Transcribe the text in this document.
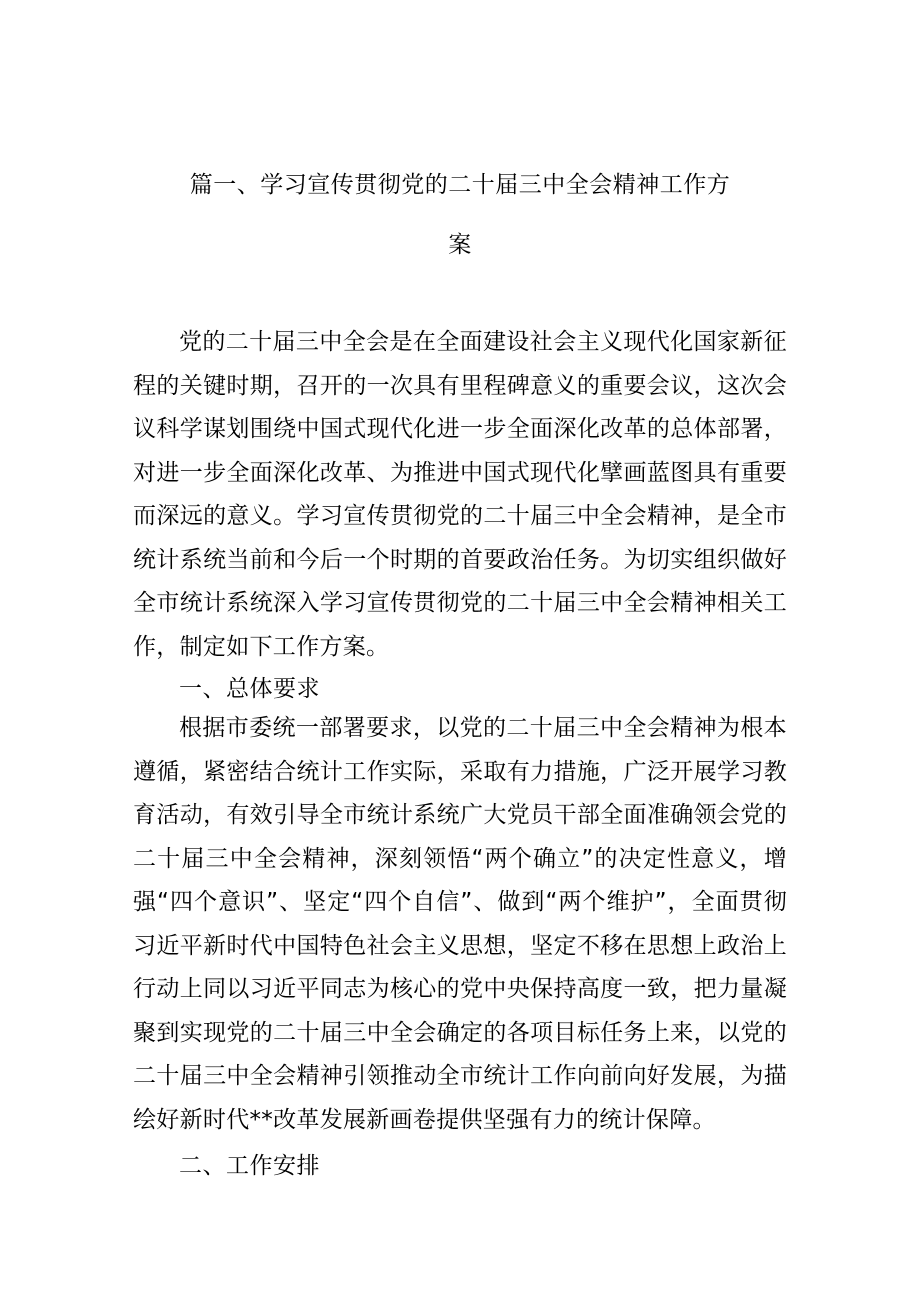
篇一、学习宣传贯彻党的二十届三中全会精神工作方
案
党的二十届三中全会是在全面建设社会主义现代化国家新征程的关键时期，召开的一次具有里程碑意义的重要会议，这次会议科学谋划围绕中国式现代化进一步全面深化改革的总体部署，对进一步全面深化改革、为推进中国式现代化擘画蓝图具有重要而深远的意义。学习宣传贯彻党的二十届三中全会精神，是全市统计系统当前和今后一个时期的首要政治任务。为切实组织做好全市统计系统深入学习宣传贯彻党的二十届三中全会精神相关工作，制定如下工作方案。
一、总体要求
根据市委统一部署要求，以党的二十届三中全会精神为根本遵循，紧密结合统计工作实际，采取有力措施，广泛开展学习教育活动，有效引导全市统计系统广大党员干部全面准确领会党的二十届三中全会精神，深刻领悟“两个确立”的决定性意义，增强“四个意识”、坚定“四个自信”、做到“两个维护”，全面贯彻习近平新时代中国特色社会主义思想，坚定不移在思想上政治上行动上同以习近平同志为核心的党中央保持高度一致，把力量凝聚到实现党的二十届三中全会确定的各项目标任务上来，以党的二十届三中全会精神引领推动全市统计工作向前向好发展，为描绘好新时代**改革发展新画卷提供坚强有力的统计保障。
二、工作安排
